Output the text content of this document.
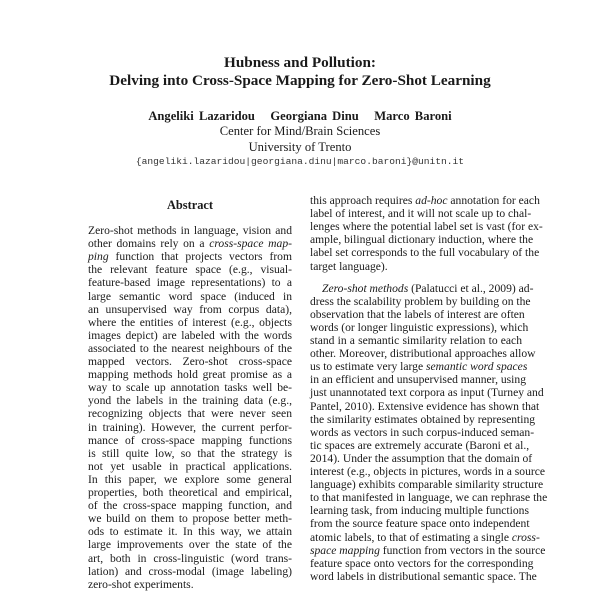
Hubness and Pollution:
Delving into Cross-Space Mapping for Zero-Shot Learning
Angeliki Lazaridou   Georgiana Dinu   Marco Baroni
Center for Mind/Brain Sciences
University of Trento
{angeliki.lazaridou|georgiana.dinu|marco.baroni}@unitn.it
Abstract
Zero-shot methods in language, vision and
other domains rely on a cross-space map-
ping function that projects vectors from
the relevant feature space (e.g., visual-
feature-based image representations) to a
large semantic word space (induced in
an unsupervised way from corpus data),
where the entities of interest (e.g., objects
images depict) are labeled with the words
associated to the nearest neighbours of the
mapped vectors. Zero-shot cross-space
mapping methods hold great promise as a
way to scale up annotation tasks well be-
yond the labels in the training data (e.g.,
recognizing objects that were never seen
in training). However, the current perfor-
mance of cross-space mapping functions
is still quite low, so that the strategy is
not yet usable in practical applications.
In this paper, we explore some general
properties, both theoretical and empirical,
of the cross-space mapping function, and
we build on them to propose better meth-
ods to estimate it. In this way, we attain
large improvements over the state of the
art, both in cross-linguistic (word trans-
lation) and cross-modal (image labeling)
zero-shot experiments.
this approach requires ad-hoc annotation for each
label of interest, and it will not scale up to chal-
lenges where the potential label set is vast (for ex-
ample, bilingual dictionary induction, where the
label set corresponds to the full vocabulary of the
target language).
Zero-shot methods (Palatucci et al., 2009) ad-
dress the scalability problem by building on the
observation that the labels of interest are often
words (or longer linguistic expressions), which
stand in a semantic similarity relation to each
other. Moreover, distributional approaches allow
us to estimate very large semantic word spaces
in an efficient and unsupervised manner, using
just unannotated text corpora as input (Turney and
Pantel, 2010). Extensive evidence has shown that
the similarity estimates obtained by representing
words as vectors in such corpus-induced seman-
tic spaces are extremely accurate (Baroni et al.,
2014). Under the assumption that the domain of
interest (e.g., objects in pictures, words in a source
language) exhibits comparable similarity structure
to that manifested in language, we can rephrase the
learning task, from inducing multiple functions
from the source feature space onto independent
atomic labels, to that of estimating a single cross-
space mapping function from vectors in the source
feature space onto vectors for the corresponding
word labels in distributional semantic space. The
